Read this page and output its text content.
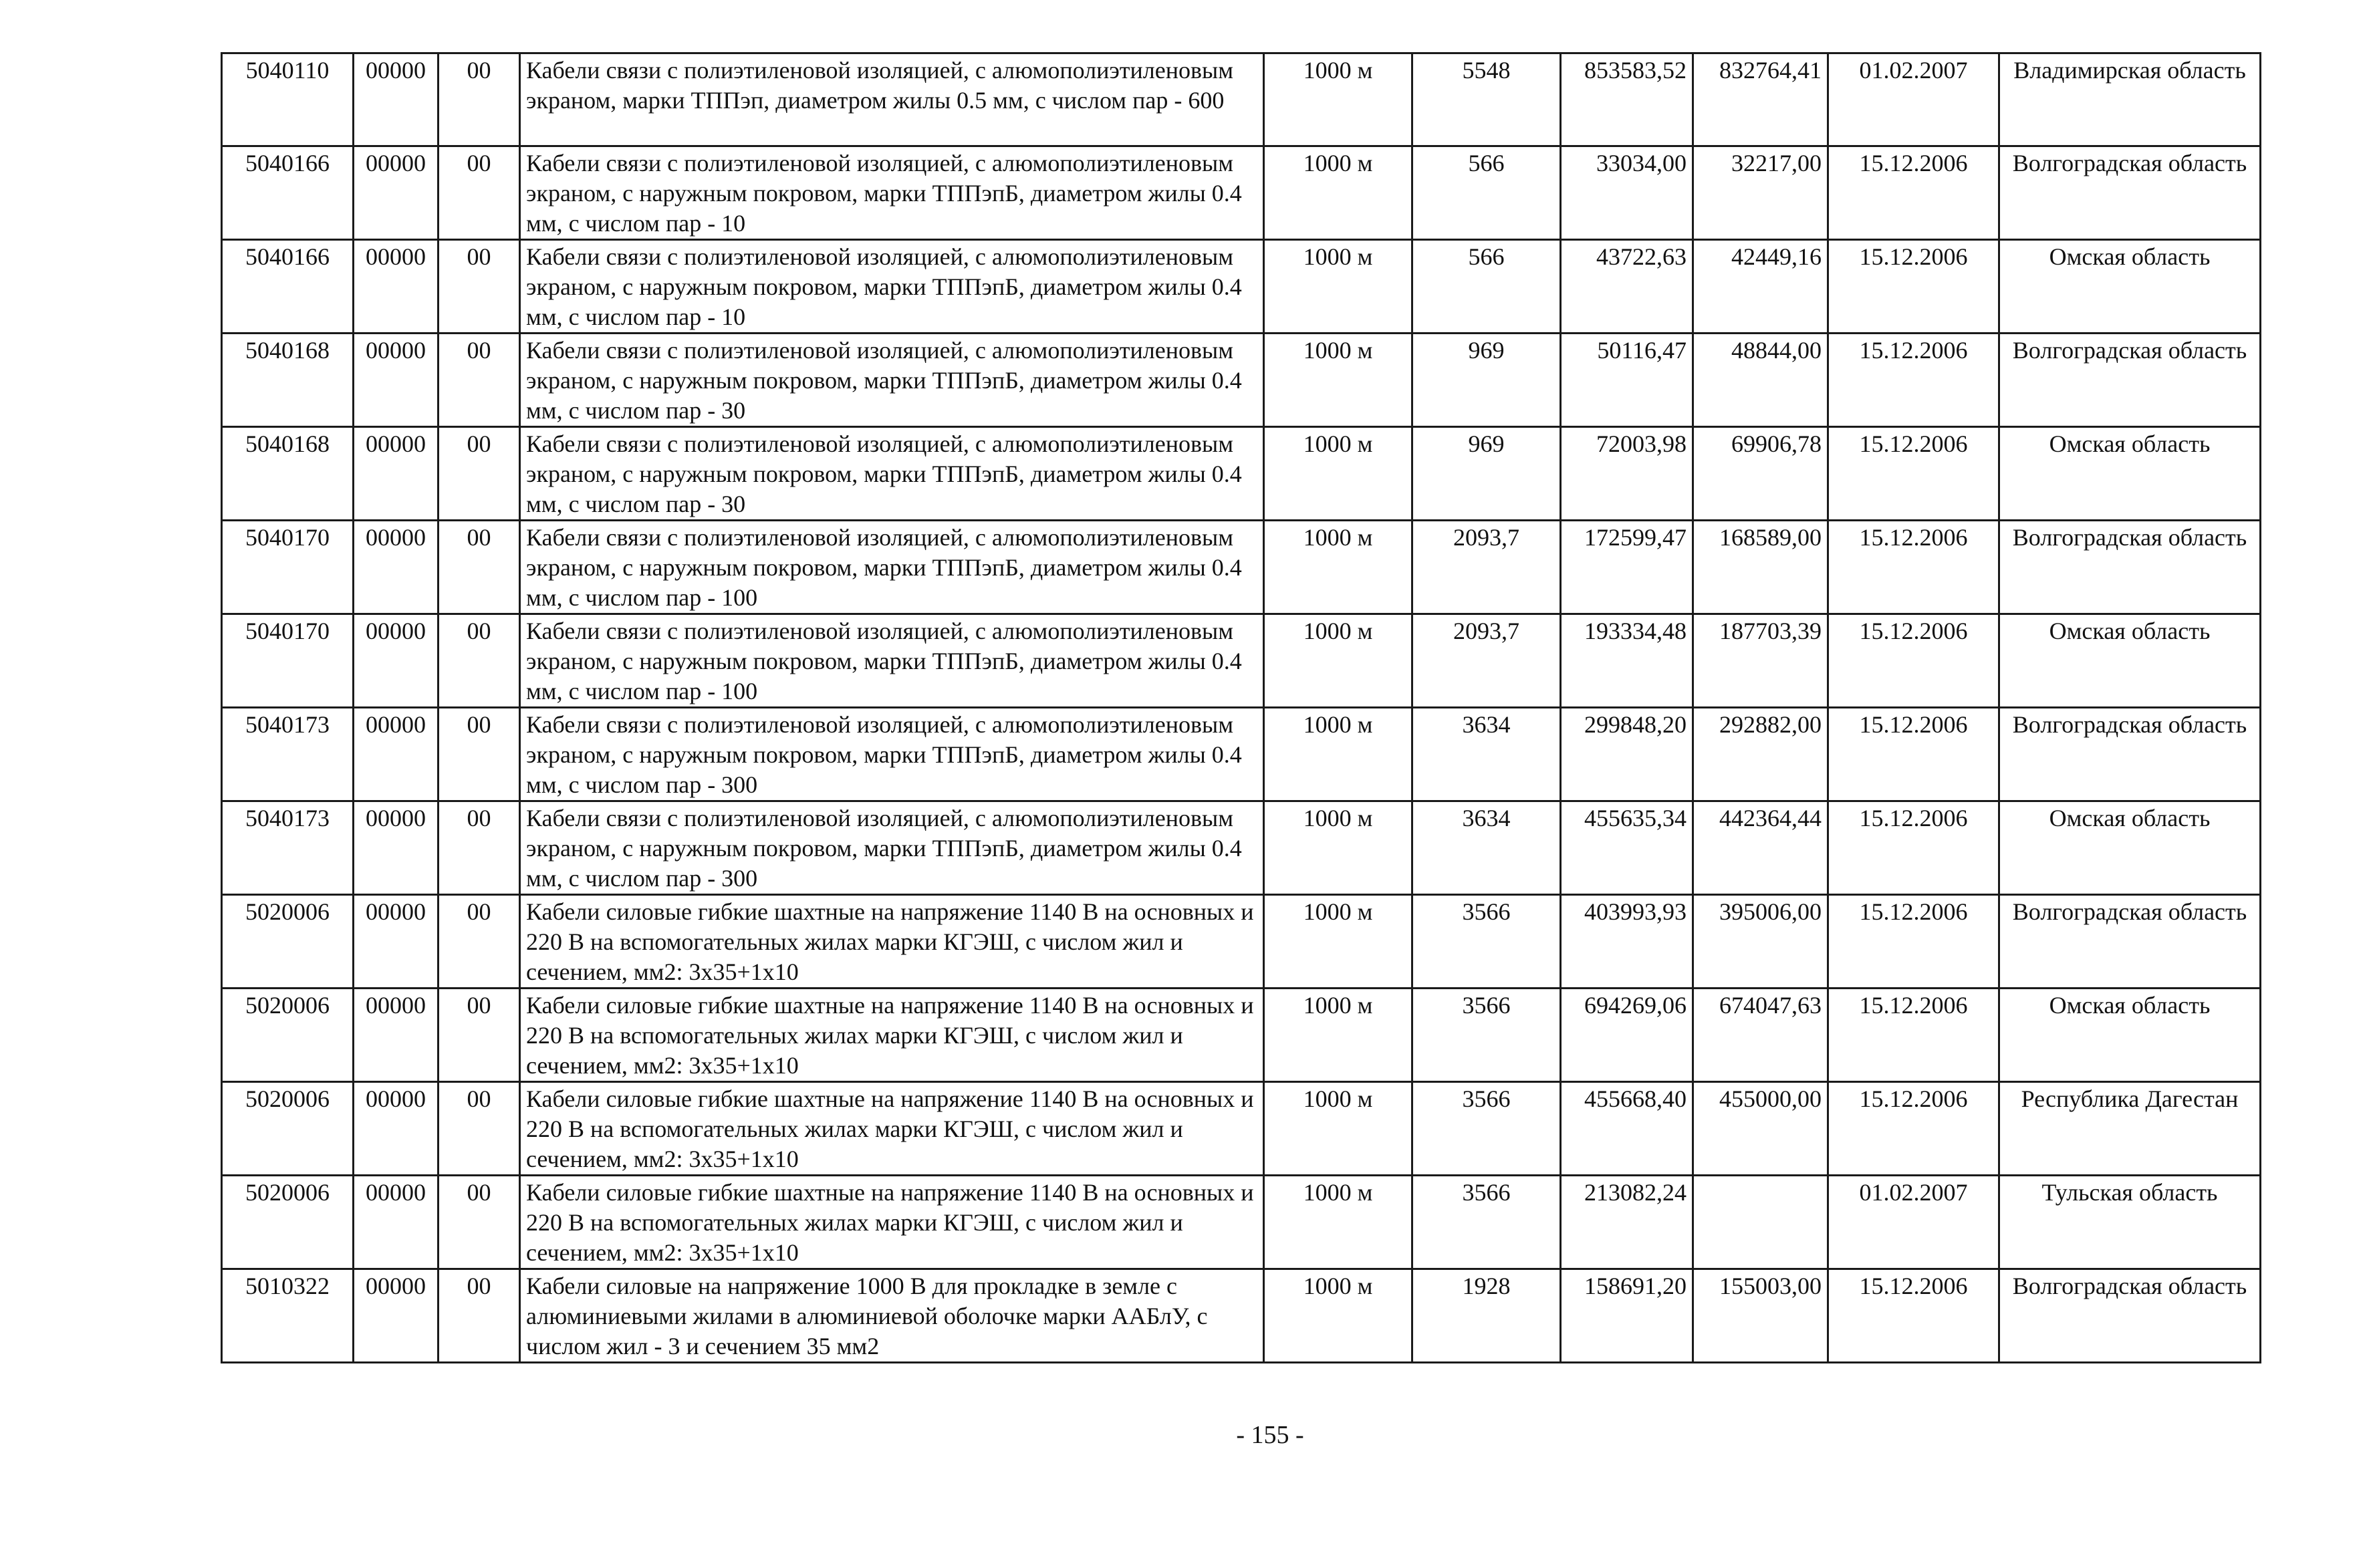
5040110	00000	00	Кабели связи с полиэтиленовой изоляцией, с алюмополиэтиленовым экраном, марки ТППэп, диаметром жилы 0.5 мм, с числом пар - 600	1000 м	5548	853583,52	832764,41	01.02.2007	Владимирская область
5040166	00000	00	Кабели связи с полиэтиленовой изоляцией, с алюмополиэтиленовым экраном, с наружным покровом, марки ТППэпБ, диаметром жилы 0.4 мм, с числом пар - 10	1000 м	566	33034,00	32217,00	15.12.2006	Волгоградская область
5040166	00000	00	Кабели связи с полиэтиленовой изоляцией, с алюмополиэтиленовым экраном, с наружным покровом, марки ТППэпБ, диаметром жилы 0.4 мм, с числом пар - 10	1000 м	566	43722,63	42449,16	15.12.2006	Омская область
5040168	00000	00	Кабели связи с полиэтиленовой изоляцией, с алюмополиэтиленовым экраном, с наружным покровом, марки ТППэпБ, диаметром жилы 0.4 мм, с числом пар - 30	1000 м	969	50116,47	48844,00	15.12.2006	Волгоградская область
5040168	00000	00	Кабели связи с полиэтиленовой изоляцией, с алюмополиэтиленовым экраном, с наружным покровом, марки ТППэпБ, диаметром жилы 0.4 мм, с числом пар - 30	1000 м	969	72003,98	69906,78	15.12.2006	Омская область
5040170	00000	00	Кабели связи с полиэтиленовой изоляцией, с алюмополиэтиленовым экраном, с наружным покровом, марки ТППэпБ, диаметром жилы 0.4 мм, с числом пар - 100	1000 м	2093,7	172599,47	168589,00	15.12.2006	Волгоградская область
5040170	00000	00	Кабели связи с полиэтиленовой изоляцией, с алюмополиэтиленовым экраном, с наружным покровом, марки ТППэпБ, диаметром жилы 0.4 мм, с числом пар - 100	1000 м	2093,7	193334,48	187703,39	15.12.2006	Омская область
5040173	00000	00	Кабели связи с полиэтиленовой изоляцией, с алюмополиэтиленовым экраном, с наружным покровом, марки ТППэпБ, диаметром жилы 0.4 мм, с числом пар - 300	1000 м	3634	299848,20	292882,00	15.12.2006	Волгоградская область
5040173	00000	00	Кабели связи с полиэтиленовой изоляцией, с алюмополиэтиленовым экраном, с наружным покровом, марки ТППэпБ, диаметром жилы 0.4 мм, с числом пар - 300	1000 м	3634	455635,34	442364,44	15.12.2006	Омская область
5020006	00000	00	Кабели силовые гибкие шахтные на напряжение 1140 В на основных и 220 В на вспомогательных жилах марки КГЭШ, с числом жил и сечением, мм2: 3х35+1х10	1000 м	3566	403993,93	395006,00	15.12.2006	Волгоградская область
5020006	00000	00	Кабели силовые гибкие шахтные на напряжение 1140 В на основных и 220 В на вспомогательных жилах марки КГЭШ, с числом жил и сечением, мм2: 3х35+1х10	1000 м	3566	694269,06	674047,63	15.12.2006	Омская область
5020006	00000	00	Кабели силовые гибкие шахтные на напряжение 1140 В на основных и 220 В на вспомогательных жилах марки КГЭШ, с числом жил и сечением, мм2: 3х35+1х10	1000 м	3566	455668,40	455000,00	15.12.2006	Республика Дагестан
5020006	00000	00	Кабели силовые гибкие шахтные на напряжение 1140 В на основных и 220 В на вспомогательных жилах марки КГЭШ, с числом жил и сечением, мм2: 3х35+1х10	1000 м	3566	213082,24		01.02.2007	Тульская область
5010322	00000	00	Кабели силовые на напряжение 1000 В для прокладке в земле с алюминиевыми жилами в алюминиевой оболочке марки ААБлУ, с числом жил - 3 и сечением 35 мм2	1000 м	1928	158691,20	155003,00	15.12.2006	Волгоградская область
- 155 -
